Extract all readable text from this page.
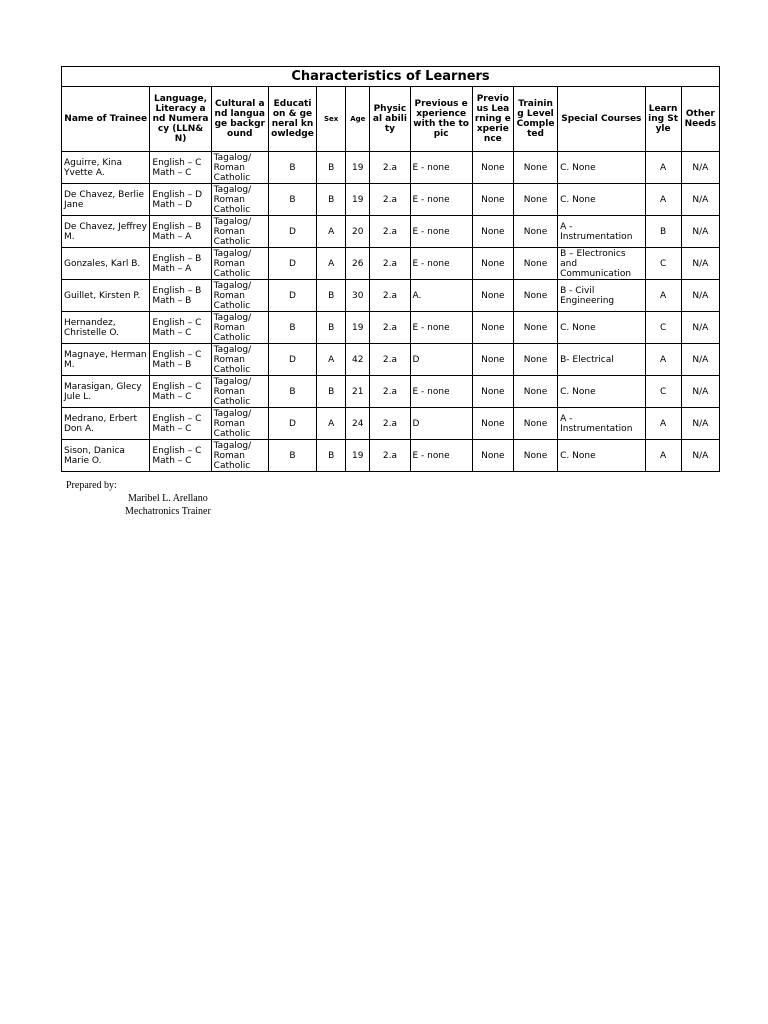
Characteristics of Learners												
Name of Trainee	Language, Literacy and Numeracy (LLN&N)	Cultural and language background	Education & general knowledge	Sex	Age	Physical ability	Previous experience with the topic	Previous Learning experience	Training Level Completed	Special Courses	Learning Style	Other Needs

Aguirre, Kina Yvette A.	English – C
Math – C	Tagalog/
Roman
Catholic	B	B	19	2.a	E - none	None	None	C. None	A	N/A

De Chavez, Berlie Jane	English – D
Math – D	Tagalog/
Roman
Catholic	B	B	19	2.a	E - none	None	None	C. None	A	N/A

De Chavez, Jeffrey M.	English – B
Math – A	Tagalog/
Roman
Catholic	D	A	20	2.a	E - none	None	None	A -
Instrumentation	B	N/A

Gonzales, Karl B.	English – B
Math – A	Tagalog/
Roman
Catholic	D	A	26	2.a	E - none	None	None	B – Electronics
and
Communication	C	N/A

Guillet, Kirsten P.	English – B
Math – B	Tagalog/
Roman
Catholic	D	B	30	2.a	A.	None	None	B - Civil
Engineering	A	N/A

Hernandez, Christelle O.	English – C
Math – C	Tagalog/
Roman
Catholic	B	B	19	2.a	E - none	None	None	C. None	C	N/A

Magnaye, Herman M.	English – C
Math – B	Tagalog/
Roman
Catholic	D	A	42	2.a	D	None	None	B- Electrical	A	N/A

Marasigan, Glecy Jule L.	English – C
Math – C	Tagalog/
Roman
Catholic	B	B	21	2.a	E - none	None	None	C. None	C	N/A

Medrano, Erbert Don A.	English – C
Math – C	Tagalog/
Roman
Catholic	D	A	24	2.a	D	None	None	A -
Instrumentation	A	N/A

Sison, Danica Marie O.	English – C
Math – C	Tagalog/
Roman
Catholic	B	B	19	2.a	E - none	None	None	C. None	A	N/A
Prepared by:
Maribel L. Arellano
Mechatronics Trainer
